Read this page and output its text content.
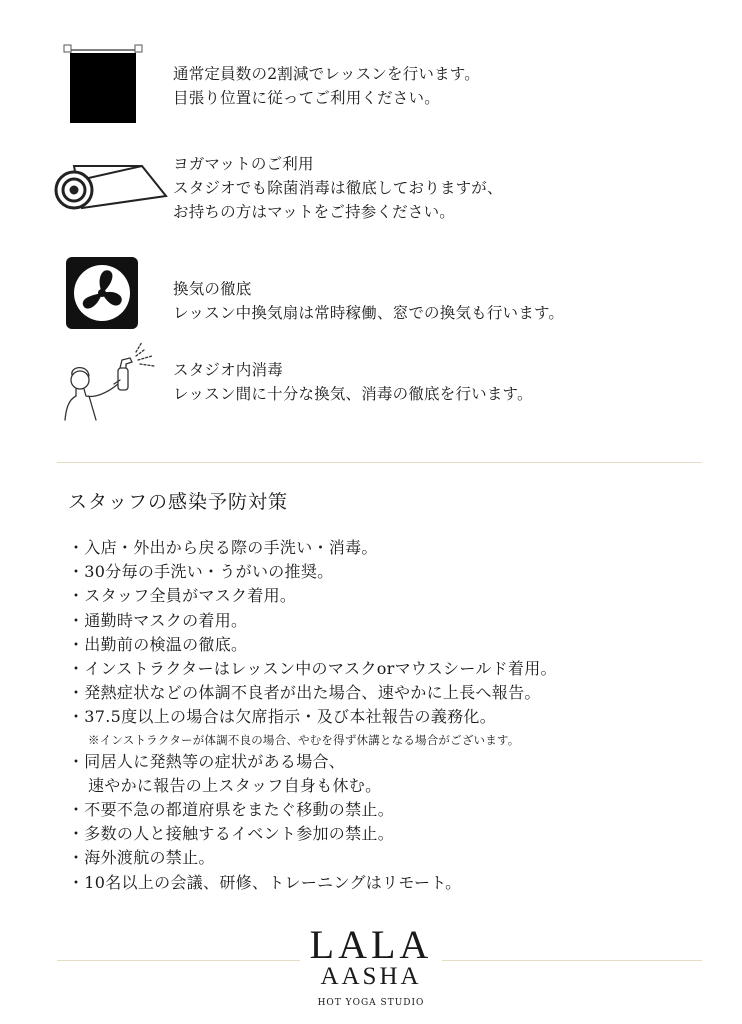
通常定員数の2割減でレッスンを行います。
目張り位置に従ってご利用ください。
ヨガマットのご利用
スタジオでも除菌消毒は徹底しておりますが、
お持ちの方はマットをご持参ください。
換気の徹底
レッスン中換気扇は常時稼働、窓での換気も行います。
スタジオ内消毒
レッスン間に十分な換気、消毒の徹底を行います。
スタッフの感染予防対策
・入店・外出から戻る際の手洗い・消毒。
・30分毎の手洗い・うがいの推奨。
・スタッフ全員がマスク着用。
・通勤時マスクの着用。
・出勤前の検温の徹底。
・インストラクターはレッスン中のマスクorマウスシールド着用。
・発熱症状などの体調不良者が出た場合、速やかに上長へ報告。
・37.5度以上の場合は欠席指示・及び本社報告の義務化。
※インストラクターが体調不良の場合、やむを得ず休講となる場合がございます。
・同居人に発熱等の症状がある場合、
速やかに報告の上スタッフ自身も休む。
・不要不急の都道府県をまたぐ移動の禁止。
・多数の人と接触するイベント参加の禁止。
・海外渡航の禁止。
・10名以上の会議、研修、トレーニングはリモート。
LALA
AASHA
HOT YOGA STUDIO
